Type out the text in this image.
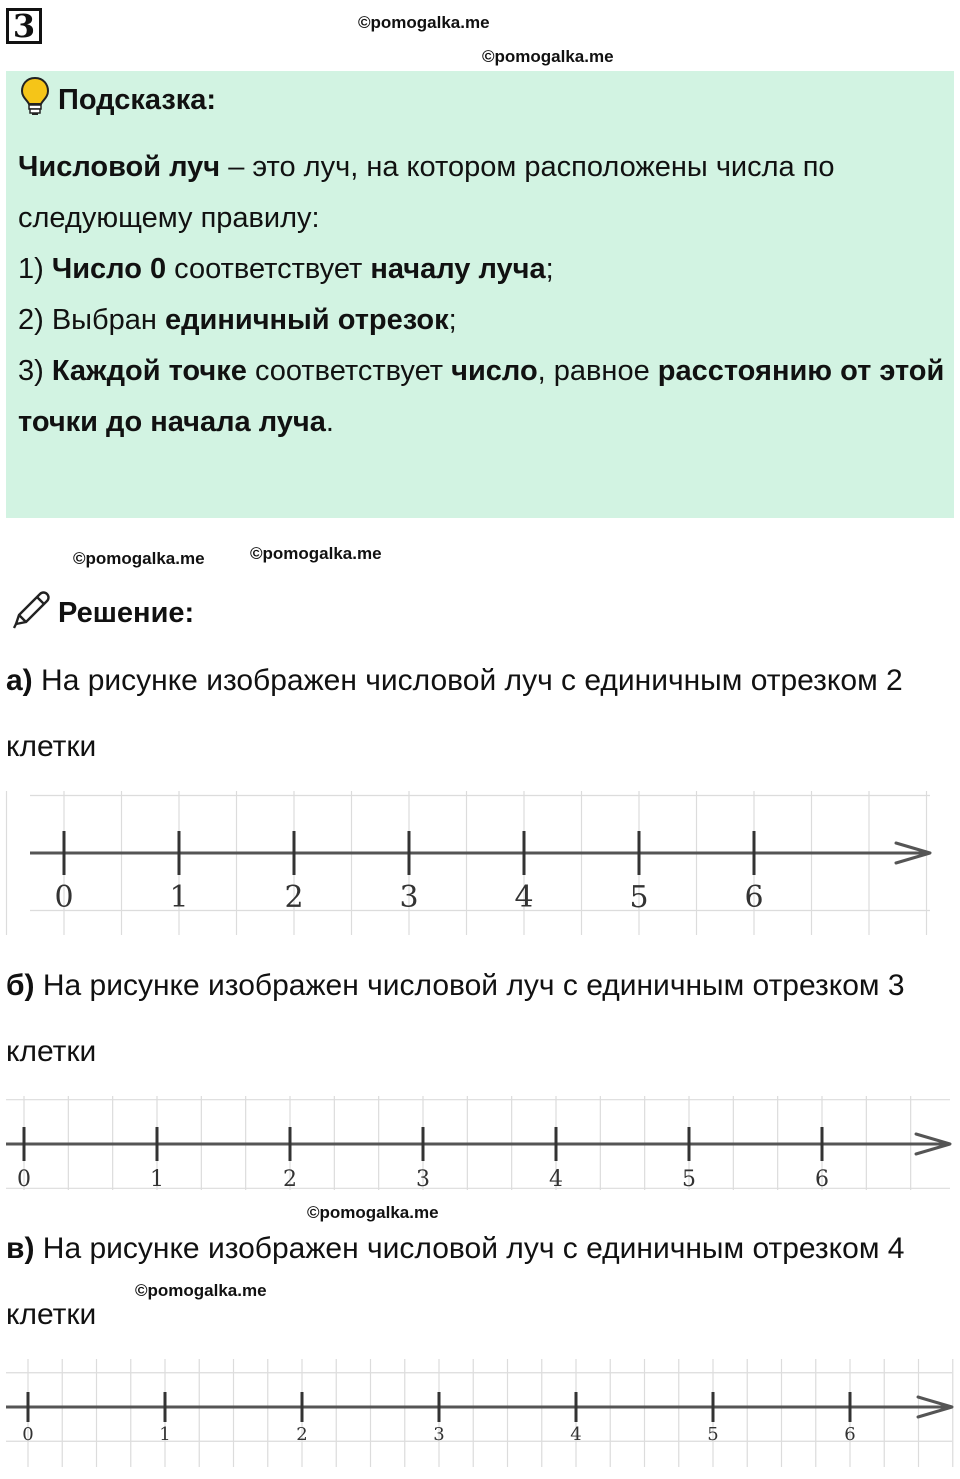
3	©pomogalka.me
©pomogalka.me
©pomogalka.me	©pomogalka.me
©pomogalka.me
©pomogalka.me
Подсказка:

Числовой луч – это луч, на котором расположены числа по следующему правилу:

1) Число 0 соответствует началу луча;

2) Выбран единичный отрезок;

3) Каждой точке соответствует число, равное расстоянию от этой точки до начала луча.

Решение:
а) На рисунке изображен числовой луч с единичным отрезком 2 клетки
0	1	2	3	4	5	6
б) На рисунке изображен числовой луч с единичным отрезком 3 клетки
0	1	2	3	4	5	6
в) На рисунке изображен числовой луч с единичным отрезком 4 клетки
0	1	2	3	4	5	6
